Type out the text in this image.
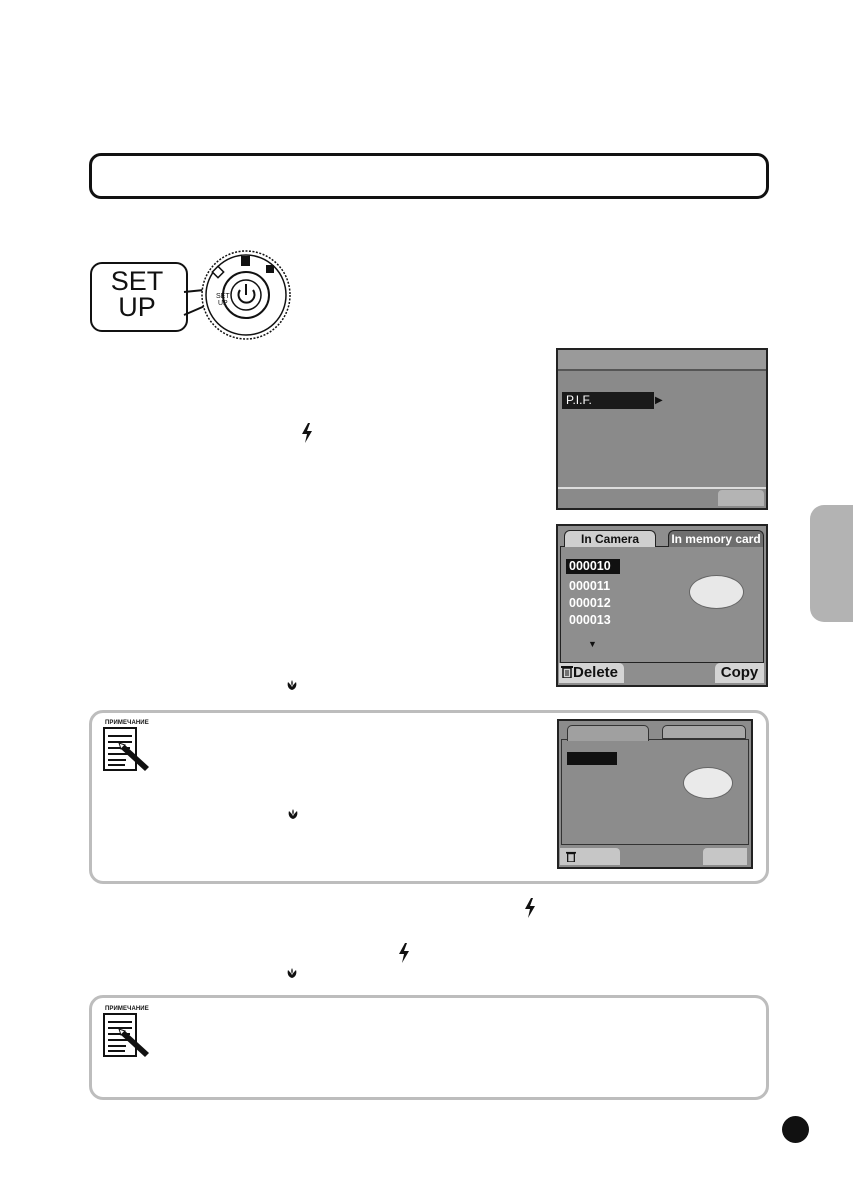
SET
UP	SET
UP
P.I.F.	▶
In Camera	In memory card
000010
000011
000012
000013
▼
Delete	Copy
ПРИМЕЧАНИЕ
ПРИМЕЧАНИЕ
